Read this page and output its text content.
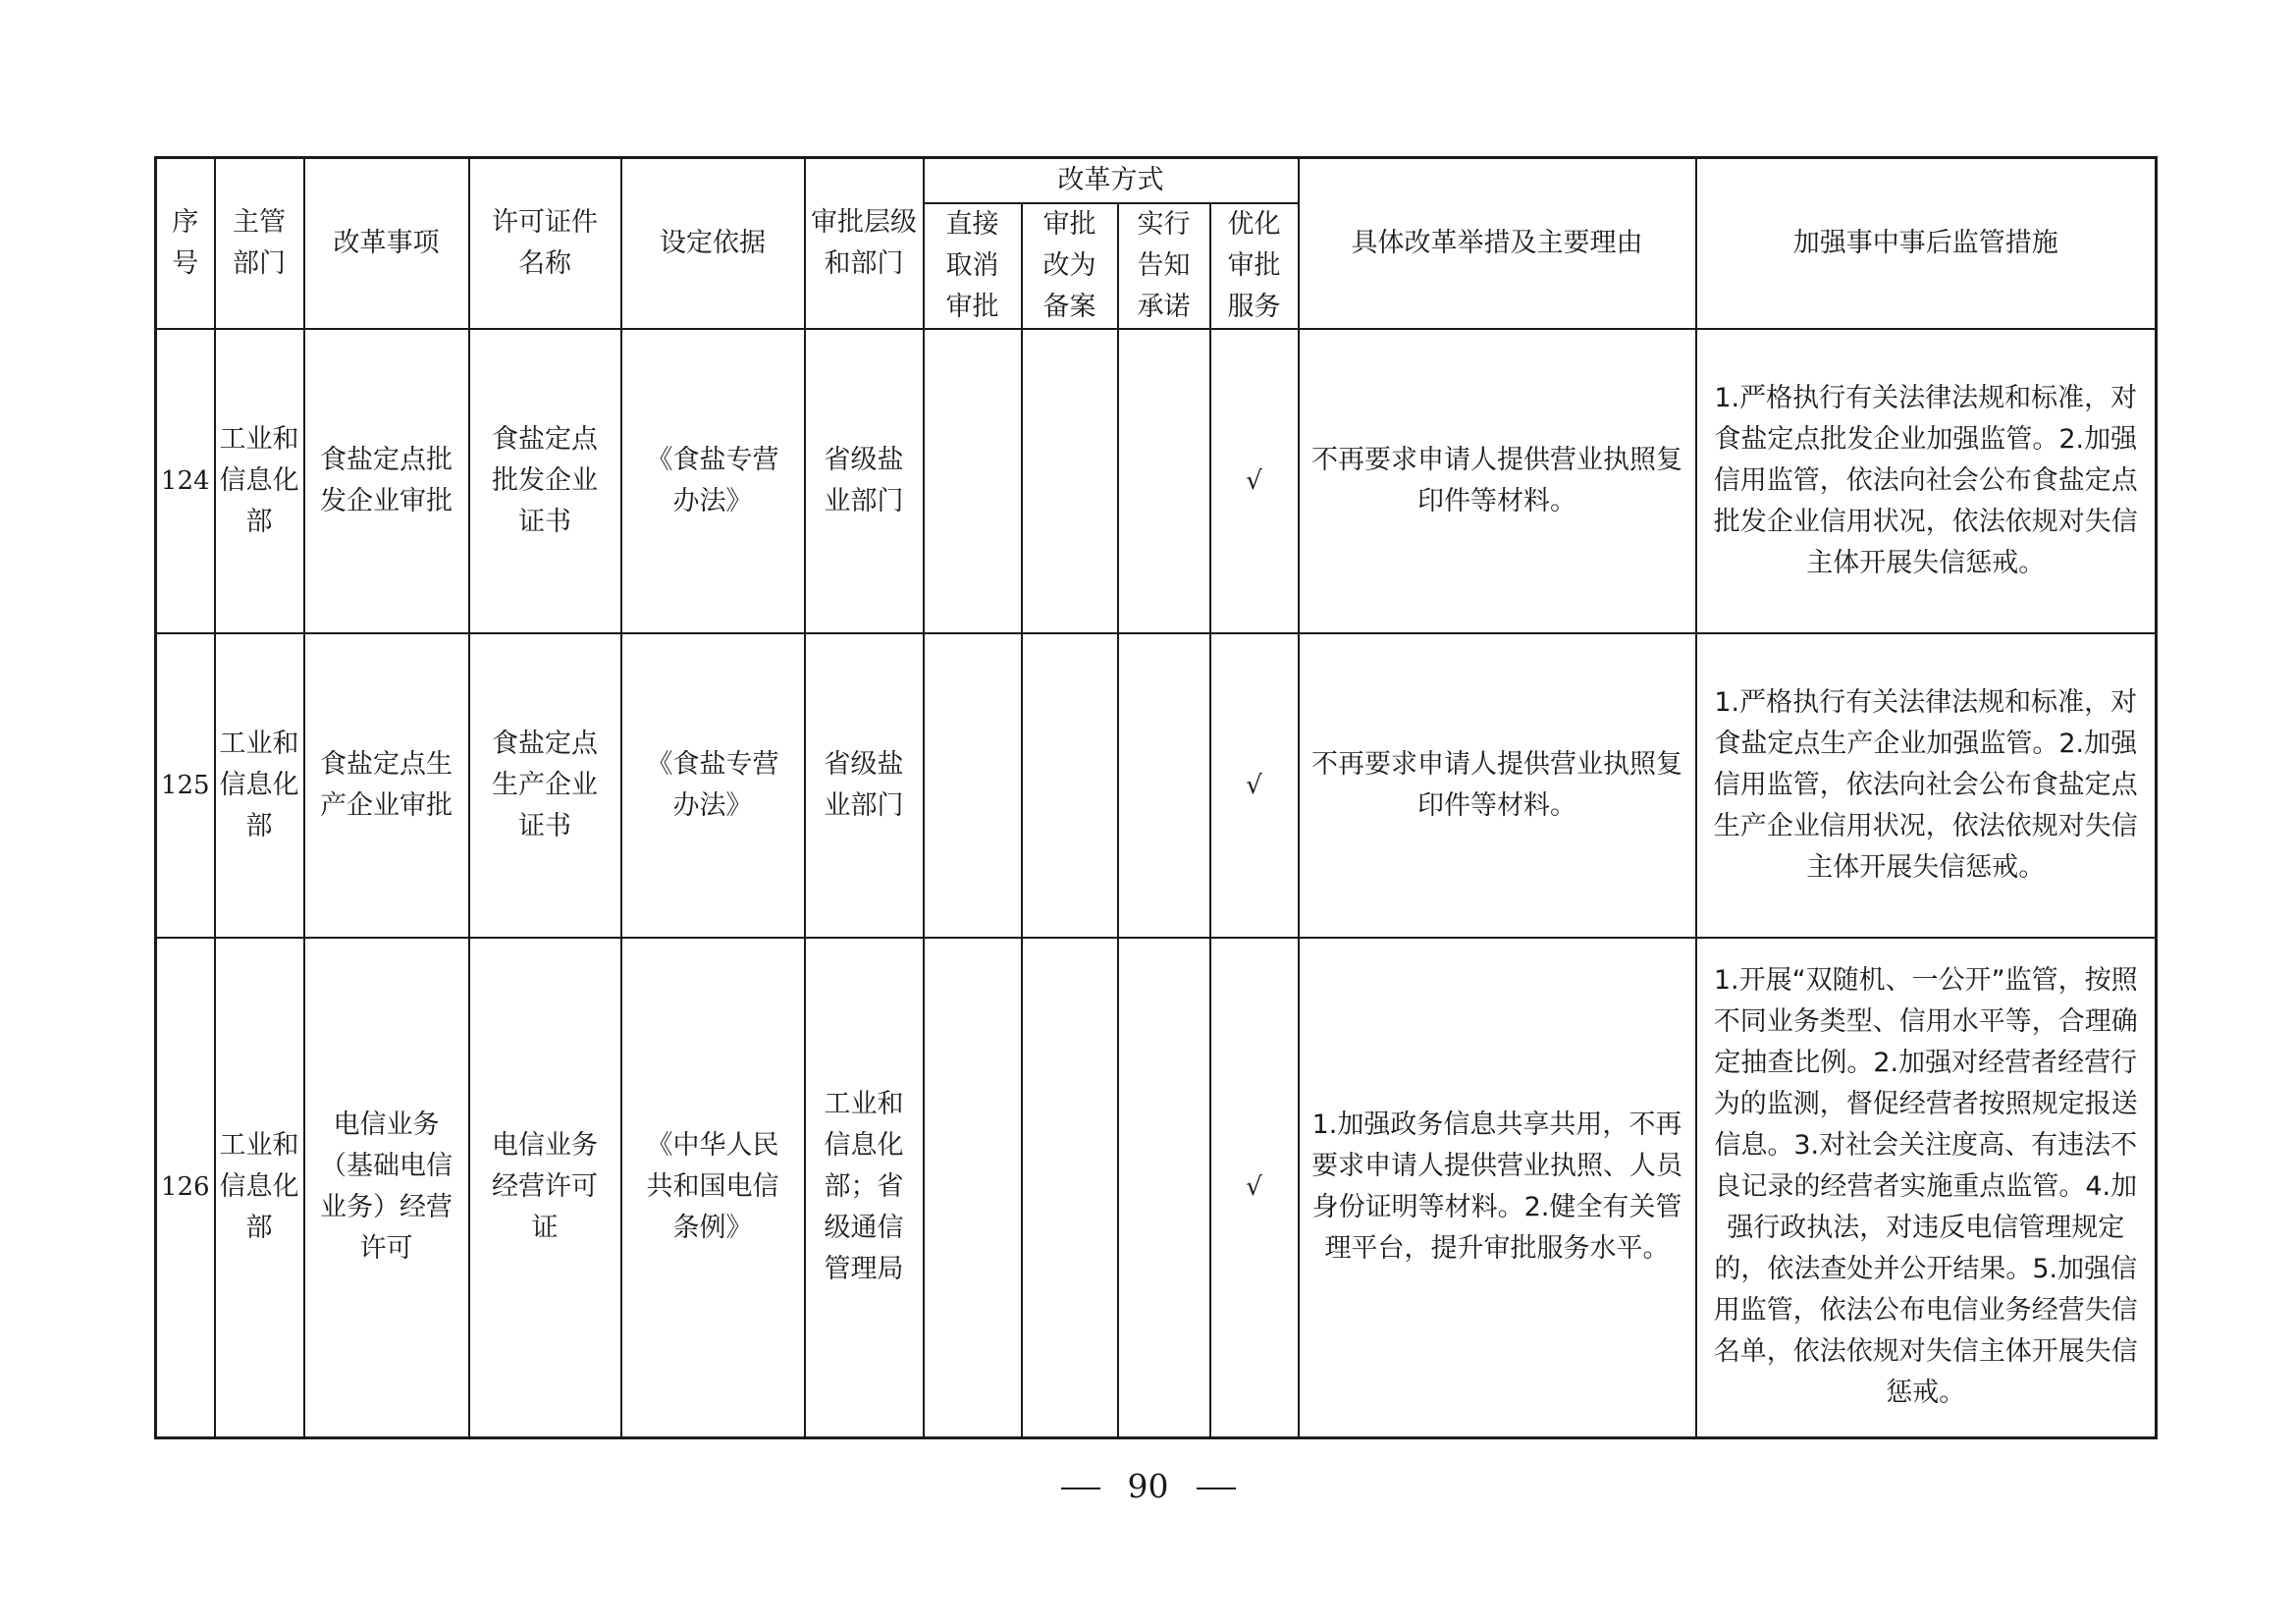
序号	主管部门	改革事项	许可证件名称	设定依据	审批层级和部门	改革方式				具体改革举措及主要理由	加强事中事后监管措施
						直接取消审批	审批改为备案	实行告知承诺	优化审批服务		
124	工业和信息化部	食盐定点批发企业审批	食盐定点批发企业证书	《食盐专营办法》	省级盐业部门				√	不再要求申请人提供营业执照复印件等材料。	1.严格执行有关法律法规和标准，对食盐定点批发企业加强监管。2.加强信用监管，依法向社会公布食盐定点批发企业信用状况，依法依规对失信主体开展失信惩戒。
125	工业和信息化部	食盐定点生产企业审批	食盐定点生产企业证书	《食盐专营办法》	省级盐业部门				√	不再要求申请人提供营业执照复印件等材料。	1.严格执行有关法律法规和标准，对食盐定点生产企业加强监管。2.加强信用监管，依法向社会公布食盐定点生产企业信用状况，依法依规对失信主体开展失信惩戒。
126	工业和信息化部	电信业务（基础电信业务）经营许可	电信业务经营许可证	《中华人民共和国电信条例》	工业和信息化部；省级通信管理局				√	1.加强政务信息共享共用，不再要求申请人提供营业执照、人员身份证明等材料。2.健全有关管理平台，提升审批服务水平。	1.开展“双随机、一公开”监管，按照不同业务类型、信用水平等，合理确定抽查比例。2.加强对经营者经营行为的监测，督促经营者按照规定报送信息。3.对社会关注度高、有违法不良记录的经营者实施重点监管。4.加强行政执法，对违反电信管理规定的，依法查处并公开结果。5.加强信用监管，依法公布电信业务经营失信名单，依法依规对失信主体开展失信惩戒。
90
